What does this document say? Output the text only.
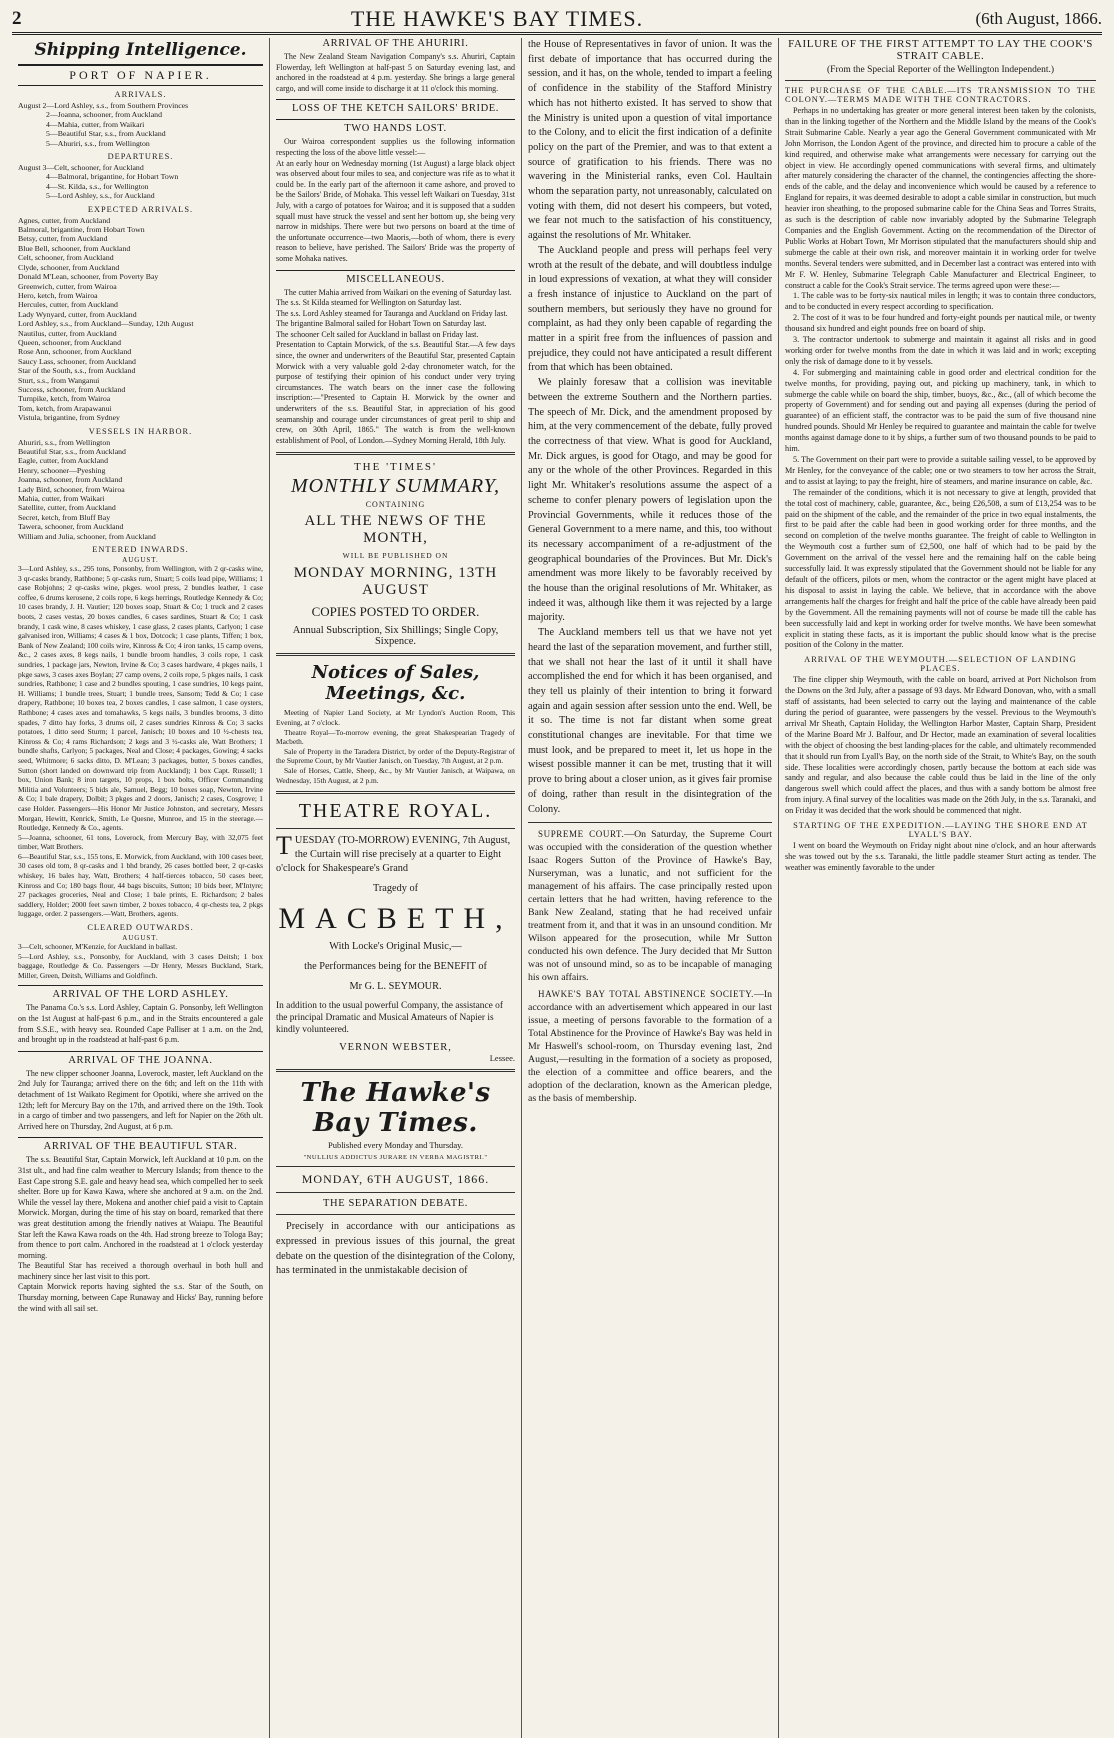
2	THE HAWKE'S BAY TIMES.	(6th August, 1866.
Shipping Intelligence.
PORT OF NAPIER.
ARRIVALS.
August 2—Lord Ashley, s.s., from Southern Provinces
2—Joanna, schooner, from Auckland
4—Mahia, cutter, from Waikari
5—Beautiful Star, s.s., from Auckland
5—Ahuriri, s.s., from Wellington
DEPARTURES.
August 3—Celt, schooner, for Auckland
4—Balmoral, brigantine, for Hobart Town
4—St. Kilda, s.s., for Wellington
5—Lord Ashley, s.s., for Auckland
EXPECTED ARRIVALS.
Agnes, cutter, from Auckland
Balmoral, brigantine, from Hobart Town
Betsy, cutter, from Auckland
Blue Bell, schooner, from Auckland
Celt, schooner, from Auckland
Clyde, schooner, from Auckland
Donald M'Lean, schooner, from Poverty Bay
Greenwich, cutter, from Wairoa
Hero, ketch, from Wairoa
Hercules, cutter, from Auckland
Lady Wynyard, cutter, from Auckland
Lord Ashley, s.s., from Auckland—Sunday, 12th August
Nautilus, cutter, from Auckland
Queen, schooner, from Auckland
Rose Ann, schooner, from Auckland
Saucy Lass, schooner, from Auckland
Star of the South, s.s., from Auckland
Sturt, s.s., from Wanganui
Success, schooner, from Auckland
Turnpike, ketch, from Wairoa
Tom, ketch, from Arapawanui
Vistula, brigantine, from Sydney
VESSELS IN HARBOR.
Ahuriri, s.s., from Wellington
Beautiful Star, s.s., from Auckland
Eagle, cutter, from Auckland
Henry, schooner—Pyeshing
Joanna, schooner, from Auckland
Lady Bird, schooner, from Wairoa
Mahia, cutter, from Waikari
Satellite, cutter, from Auckland
Secret, ketch, from Bluff Bay
Tawera, schooner, from Auckland
William and Julia, schooner, from Auckland
ENTERED INWARDS.
AUGUST.

3—Lord Ashley, s.s., 295 tons, Ponsonby, from Wellington, with 2 qr-casks wine, 3 qr-casks brandy, Rathbone; 5 qr-casks rum, Stuart; 5 coils lead pipe, Williams; 1 case Robjohns; 2 qr-casks wine, pkges. wool press, 2 bundles leather, 1 case coffee, 6 drums kerosene, 2 coils rope, 6 kegs herrings, Routledge Kennedy & Co; 10 cases brandy, J. H. Vautier; 120 boxes soap, Stuart & Co; 1 truck and 2 cases boots, 2 cases vestas, 20 boxes candles, 6 cases sardines, Stuart & Co; 1 cask brandy, 1 cask wine, 8 cases whiskey, 1 case glass, 2 cases plants, Carlyon; 1 case galvanised iron, Williams; 4 cases & 1 box, Dotcock; 1 case plants, Tiffen; 1 box, Bank of New Zealand; 100 coils wire, Kinross & Co; 4 iron tanks, 15 camp ovens, &c., 2 cases axes, 8 kegs nails, 1 bundle broom handles, 3 coils rope, 1 cask sundries, 1 package jars, Newton, Irvine & Co; 3 cases hardware, 4 pkges nails, 1 pkge saws, 3 cases axes Boylan; 27 camp ovens, 2 coils rope, 5 pkges nails, 1 cask sundries, Rathbone; 1 case and 2 bundles spouting, 1 case sundries, 10 kegs paint, H. Williams; 1 bundle trees, Stuart; 1 bundle trees, Sansom; Tedd & Co; 1 case drapery, Rathbone; 10 boxes tea, 2 boxes candles, 1 case salmon, 1 case oysters, Rathbone; 4 cases axes and tomahawks, 5 kegs nails, 3 bundles brooms, 3 ditto spades, 7 ditto hay forks, 3 drums oil, 2 cases sundries Kinross & Co; 3 sacks potatoes, 1 ditto seed Sturm; 1 parcel, Janisch; 10 boxes and 10 ½-chests tea, Kinross & Co; 4 rams Richardson; 2 kegs and 3 ½-casks ale, Watt Brothers; 1 bundle shafts, Carlyon; 5 packages, Neal and Close; 4 packages, Gowing; 4 sacks seed, Whitmore; 6 sacks ditto, D. M'Lean; 3 packages, butter, 5 boxes candles, Sutton (short landed on downward trip from Auckland); 1 box Capt. Russell; 1 box, Union Bank; 8 iron targets, 10 props, 1 box bolts, Officer Commanding Militia and Volunteers; 5 bids ale, Samuel, Begg; 10 boxes soap, Newton, Irvine & Co; 1 bale drapery, Dolbit; 3 pkges and 2 doors, Janisch; 2 cases, Cosgrove; 1 case Holder. Passengers—His Honor Mr Justice Johnston, and secretary, Messrs Morgan, Hewitt, Kenrick, Smith, Le Quesne, Munroe, and 15 in the steerage.—Routledge, Kennedy & Co., agents.
5—Joanna, schooner, 61 tons, Loverock, from Mercury Bay, with 32,075 feet timber, Watt Brothers.
6—Beautiful Star, s.s., 155 tons, E. Morwick, from Auckland, with 100 cases beer, 30 cases old tom, 8 qr-casks and 1 bhd brandy, 26 cases bottled beer, 2 qr-casks whiskey, 16 bales hay, Watt, Brothers; 4 half-tierces tobacco, 50 cases beer, Kinross and Co; 180 bags flour, 44 bags biscuits, Sutton; 10 bids beer, M'Intyre; 27 packages groceries, Neal and Close; 1 bale prints, E. Richardson; 2 bales saddlery, Holder; 2000 feet sawn timber, 2 boxes tobacco, 4 qr-chests tea, 2 pkgs luggage, order. 2 passengers.—Watt, Brothers, agents.

CLEARED OUTWARDS.
AUGUST.

3—Celt, schooner, M'Kenzie, for Auckland in ballast.
5—Lord Ashley, s.s., Ponsonby, for Auckland, with 3 cases Deitsh; 1 box baggage, Routledge & Co. Passengers —Dr Henry, Messrs Buckland, Stark, Miller, Green, Deitsh, Williams and Goldfinch.

ARRIVAL OF THE LORD ASHLEY.

The Panama Co.'s s.s. Lord Ashley, Captain G. Ponsonby, left Wellington on the 1st August at half-past 6 p.m., and in the Straits encountered a gale from S.S.E., with heavy sea. Rounded Cape Palliser at 1 a.m. on the 2nd, and brought up in the roadstead at half-past 6 p.m.

ARRIVAL OF THE JOANNA.

The new clipper schooner Joanna, Loverock, master, left Auckland on the 2nd July for Tauranga; arrived there on the 6th; and left on the 11th with detachment of 1st Waikato Regiment for Opotiki, where she arrived on the 12th; left for Mercury Bay on the 17th, and arrived there on the 19th. Took in a cargo of timber and two passengers, and left for Napier on the 26th ult. Arrived here on Thursday, 2nd August, at 6 p.m.

ARRIVAL OF THE BEAUTIFUL STAR.

The s.s. Beautiful Star, Captain Morwick, left Auckland at 10 p.m. on the 31st ult., and had fine calm weather to Mercury Islands; from thence to the East Cape strong S.E. gale and heavy head sea, which compelled her to seek shelter. Bore up for Kawa Kawa, where she anchored at 9 a.m. on the 2nd. While the vessel lay there, Mokena and another chief paid a visit to Captain Morwick. Morgan, during the time of his stay on board, remarked that there was great destitution among the friendly natives at Waiapu. The Beautiful Star left the Kawa Kawa roads on the 4th. Had strong breeze to Tologa Bay; from thence to port calm. Anchored in the roadstead at 1 o'clock yesterday morning.
The Beautiful Star has received a thorough overhaul in both hull and machinery since her last visit to this port.
Captain Morwick reports having sighted the s.s. Star of the South, on Thursday morning, between Cape Runaway and Hicks' Bay, running before the wind with all sail set.

ARRIVAL OF THE AHURIRI.

The New Zealand Steam Navigation Company's s.s. Ahuriri, Captain Flowerday, left Wellington at half-past 5 on Saturday evening last, and anchored in the roadstead at 4 p.m. yesterday. She brings a large general cargo, and will come inside to discharge it at 11 o'clock this morning.

LOSS OF THE KETCH SAILORS' BRIDE.
TWO HANDS LOST.

Our Wairoa correspondent supplies us the following information respecting the loss of the above little vessel:—
At an early hour on Wednesday morning (1st August) a large black object was observed about four miles to sea, and conjecture was rife as to what it could be. In the early part of the afternoon it came ashore, and proved to be the Sailors' Bride, of Mohaka. This vessel left Waikari on Tuesday, 31st July, with a cargo of potatoes for Wairoa; and it is supposed that a sudden squall must have struck the vessel and sent her bottom up, she being very narrow in midships. There were but two persons on board at the time of the unfortunate occurrence—two Maoris,—both of whom, there is every reason to believe, have perished. The Sailors' Bride was the property of some Mohaka natives.

MISCELLANEOUS.

The cutter Mahia arrived from Waikari on the evening of Saturday last.
The s.s. St Kilda steamed for Wellington on Saturday last.
The s.s. Lord Ashley steamed for Tauranga and Auckland on Friday last.
The brigantine Balmoral sailed for Hobart Town on Saturday last.
The schooner Celt sailed for Auckland in ballast on Friday last.
Presentation to Captain Morwick, of the s.s. Beautiful Star.—A few days since, the owner and underwriters of the Beautiful Star, presented Captain Morwick with a very valuable gold 2-day chronometer watch, for the purpose of testifying their opinion of his conduct under very trying circumstances. The watch bears on the inner case the following inscription:—"Presented to Captain H. Morwick by the owner and underwriters of the s.s. Beautiful Star, in appreciation of his good seamanship and courage under circumstances of great peril to ship and crew, on 30th April, 1865." The watch is from the well-known establishment of Pool, of London.—Sydney Morning Herald, 18th July.

THE 'TIMES'
MONTHLY SUMMARY,
CONTAINING
ALL THE NEWS OF THE MONTH,
WILL BE PUBLISHED ON
MONDAY MORNING, 13TH AUGUST
COPIES POSTED TO ORDER.
Annual Subscription, Six Shillings; Single Copy, Sixpence.
Notices of Sales, Meetings, &c.

Meeting of Napier Land Society, at Mr Lyndon's Auction Room, This Evening, at 7 o'clock.

Theatre Royal—To-morrow evening, the great Shakespearian Tragedy of Macbeth.

Sale of Property in the Taradera District, by order of the Deputy-Registrar of the Supreme Court, by Mr Vautier Janisch, on Tuesday, 7th August, at 2 p.m.

Sale of Horses, Cattle, Sheep, &c., by Mr Vautier Janisch, at Waipawa, on Wednesday, 15th August, at 2 p.m.

THEATRE ROYAL.

TUESDAY (TO-MORROW) EVENING, 7th August, the Curtain will rise precisely at a quarter to Eight o'clock for Shakespeare's Grand

Tragedy of

MACBETH,

With Locke's Original Music,—

the Performances being for the BENEFIT of

Mr G. L. SEYMOUR.

In addition to the usual powerful Company, the assistance of the principal Dramatic and Musical Amateurs of Napier is kindly volunteered.

VERNON WEBSTER,
Lessee.
The Hawke's Bay Times.
Published every Monday and Thursday.
"NULLIUS ADDICTUS JURARE IN VERBA MAGISTRI."
MONDAY, 6TH AUGUST, 1866.
THE SEPARATION DEBATE.

Precisely in accordance with our anticipations as expressed in previous issues of this journal, the great debate on the question of the disintegration of the Colony, has terminated in the unmistakable decision of

the House of Representatives in favor of union. It was the first debate of importance that has occurred during the session, and it has, on the whole, tended to impart a feeling of confidence in the stability of the Stafford Ministry which has not hitherto existed. It has served to show that the Ministry is united upon a question of vital importance to the Colony, and to elicit the first indication of a definite policy on the part of the Premier, and was to that extent a source of gratification to his friends. There was no wavering in the Ministerial ranks, even Col. Haultain whom the separation party, not unreasonably, calculated on voting with them, did not desert his compeers, but voted, we fear not much to the satisfaction of his constituency, against the resolutions of Mr. Whitaker.

The Auckland people and press will perhaps feel very wroth at the result of the debate, and will doubtless indulge in loud expressions of vexation, at what they will consider a fresh instance of injustice to Auckland on the part of southern members, but seriously they have no ground for complaint, as had they only been capable of regarding the matter in a spirit free from the influences of passion and prejudice, they could not have anticipated a result different from that which has been obtained.

We plainly foresaw that a collision was inevitable between the extreme Southern and the Northern parties. The speech of Mr. Dick, and the amendment proposed by him, at the very commencement of the debate, fully proved the correctness of that view. What is good for Auckland, Mr. Dick argues, is good for Otago, and may be good for any or the whole of the other Provinces. Regarded in this light Mr. Whitaker's resolutions assume the aspect of a scheme to confer plenary powers of legislation upon the Provincial Governments, while it reduces those of the General Government to a mere name, and this, too without its necessary accompaniment of a re-adjustment of the geographical boundaries of the Provinces. But Mr. Dick's amendment was more likely to be favorably received by the house than the original resolutions of Mr. Whitaker, as indeed it was, although like them it was rejected by a large majority.

The Auckland members tell us that we have not yet heard the last of the separation movement, and further still, that we shall not hear the last of it until it shall have accomplished the end for which it has been organised, and they tell us plainly of their intention to bring it forward again and again session after session unto the end. Well, be it so. The time is not far distant when some great constitutional changes are inevitable. For that time we must look, and be prepared to meet it, let us hope in the wisest possible manner it can be met, trusting that it will prove to bring about a closer union, as it gives fair promise of doing, rather than result in the disintegration of the Colony.

SUPREME COURT.—On Saturday, the Supreme Court was occupied with the consideration of the question whether Isaac Rogers Sutton of the Province of Hawke's Bay, Nurseryman, was a lunatic, and not sufficient for the management of his affairs. The case principally rested upon certain letters that he had written, having reference to the Bank New Zealand, stating that he had received unfair treatment from it, and that it was in an unsound condition. Mr Wilson appeared for the prosecution, while Mr Sutton conducted his own defence. The Jury decided that Mr Sutton was not of unsound mind, so as to be incapable of managing his own affairs.

HAWKE'S BAY TOTAL ABSTINENCE SOCIETY.—In accordance with an advertisement which appeared in our last issue, a meeting of persons favorable to the formation of a Total Abstinence for the Province of Hawke's Bay was held in Mr Haswell's school-room, on Thursday evening last, 2nd August,—resulting in the formation of a society as proposed, the election of a committee and office bearers, and the adoption of the declaration, known as the American pledge, as the basis of membership.

FAILURE OF THE FIRST ATTEMPT TO LAY THE COOK'S STRAIT CABLE.
(From the Special Reporter of the Wellington Independent.)
THE PURCHASE OF THE CABLE.—ITS TRANSMISSION TO THE COLONY.—TERMS MADE WITH THE CONTRACTORS.

Perhaps in no undertaking has greater or more general interest been taken by the colonists, than in the linking together of the Northern and the Middle Island by the means of the Cook's Strait Submarine Cable. Nearly a year ago the General Government communicated with Mr John Morrison, the London Agent of the province, and directed him to procure a cable of the kind required, and otherwise make what arrangements were necessary for carrying out the object in view. He accordingly opened communications with several firms, and ultimately after maturely considering the character of the channel, the contingencies affecting the shore-ends of the cable, and the delay and inconvenience which would be caused by a reference to England for repairs, it was deemed desirable to adopt a cable similar in construction, but much heavier iron sheathing, to the proposed submarine cable for the China Seas and Torres Straits, as such is the description of cable now invariably adopted by the Submarine Telegraph Companies and the English Government. Acting on the recommendation of the Director of Public Works at Hobart Town, Mr Morrison stipulated that the manufacturers should ship and submerge the cable at their own risk, and moreover maintain it in working order for twelve months. Several tenders were submitted, and in December last a contract was entered into with Mr F. W. Henley, Submarine Telegraph Cable Manufacturer and Electrical Engineer, to construct a cable for the Cook's Strait service. The terms agreed upon were these:—

1. The cable was to be forty-six nautical miles in length; it was to contain three conductors, and to be conducted in every respect according to specification.

2. The cost of it was to be four hundred and forty-eight pounds per nautical mile, or twenty thousand six hundred and eight pounds free on board of ship.

3. The contractor undertook to submerge and maintain it against all risks and in good working order for twelve months from the date in which it was laid and in work; excepting only the risk of damage done to it by vessels.

4. For submerging and maintaining cable in good order and electrical condition for the twelve months, for providing, paying out, and picking up machinery, tank, in which to submerge the cable while on board the ship, timber, buoys, &c., &c., (all of which become the property of Government) and for sending out and paying all expenses (during the period of guarantee) of an efficient staff, the contractor was to be paid the sum of five thousand nine hundred pounds. Should Mr Henley be required to guarantee and maintain the cable for twelve months against damage done to it by ships, a further sum of two thousand pounds to be paid to him.

5. The Government on their part were to provide a suitable sailing vessel, to be approved by Mr Henley, for the conveyance of the cable; one or two steamers to tow her across the Strait, and to assist at laying; to pay the freight, hire of steamers, and marine insurance on cable, &c.

The remainder of the conditions, which it is not necessary to give at length, provided that the total cost of machinery, cable, guarantee, &c., being £26,508, a sum of £13,254 was to be paid on the shipment of the cable, and the remainder of the price in two equal instalments, the first to be paid after the cable had been in good working order for three months, and the second on completion of the twelve months guarantee. The freight of cable to Wellington in the Weymouth cost a further sum of £2,500, one half of which had to be paid by the Government on the arrival of the vessel here and the remaining half on the cable being successfully laid. It was expressly stipulated that the Government should not be liable for any default of the officers, pilots or men, whom the contractor or the agent might have placed at his disposal to assist in laying the cable. We believe, that in accordance with the above arrangements half the charges for freight and half the price of the cable have already been paid by the Government. All the remaining payments will not of course be made till the cable has been successfully laid and kept in working order for twelve months. We have been somewhat explicit in stating these facts, as it is important the public should know what is the precise position of the Colony in the matter.

ARRIVAL OF THE WEYMOUTH.—SELECTION OF LANDING PLACES.

The fine clipper ship Weymouth, with the cable on board, arrived at Port Nicholson from the Downs on the 3rd July, after a passage of 93 days. Mr Edward Donovan, who, with a small staff of assistants, had been selected to carry out the laying and maintenance of the cable during the period of guarantee, were passengers by the vessel. Previous to the Weymouth's arrival Mr Sheath, Captain Holiday, the Wellington Harbor Master, Captain Sharp, President of the Marine Board Mr J. Balfour, and Dr Hector, made an examination of several localities with the object of choosing the best landing-places for the cable, and ultimately recommended that it should run from Lyall's Bay, on the north side of the Strait, to White's Bay, on the south side. These localities were accordingly chosen, partly because the bottom at each side was sandy and regular, and also because the cable could thus be laid in the line of the only dangerous swell which could affect the places, and thus with a sandy bottom be almost free from injury. A final survey of the localities was made on the 26th July, in the s.s. Taranaki, and on Friday it was decided that the work should be commenced that night.

STARTING OF THE EXPEDITION.—LAYING THE SHORE END AT LYALL'S BAY.

I went on board the Weymouth on Friday night about nine o'clock, and an hour afterwards she was towed out by the s.s. Taranaki, the little paddle steamer Sturt acting as tender. The weather was eminently favorable to the under
